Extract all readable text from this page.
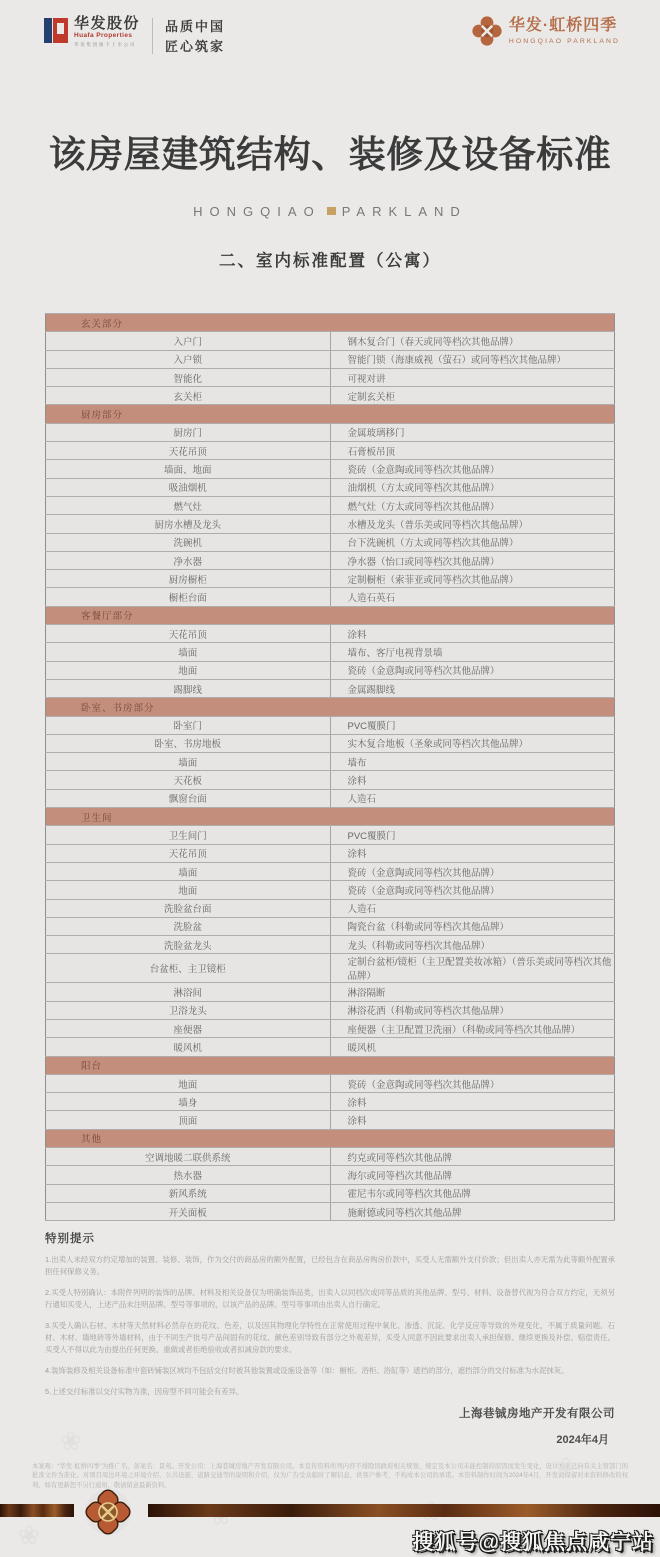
华发股份
Huafa Properties
华发集团旗下上市公司
品质中国
匠心筑家
华发·虹桥四季
HONGQIAO PARKLAND
该房屋建筑结构、装修及设备标准
HONGQIAO PARKLAND
二、室内标准配置（公寓）
玄关部分	
入户门	钢木复合门（春天或同等档次其他品牌）
入户锁	智能门锁（海康威视（萤石）或同等档次其他品牌）
智能化	可视对讲
玄关柜	定制玄关柜
厨房部分	
厨房门	金属玻璃移门
天花吊顶	石膏板吊顶
墙面、地面	瓷砖（金意陶或同等档次其他品牌）
吸油烟机	油烟机（方太或同等档次其他品牌）
燃气灶	燃气灶（方太或同等档次其他品牌）
厨房水槽及龙头	水槽及龙头（普乐美或同等档次其他品牌）
洗碗机	台下洗碗机（方太或同等档次其他品牌）
净水器	净水器（怡口或同等档次其他品牌）
厨房橱柜	定制橱柜（索菲亚或同等档次其他品牌）
橱柜台面	人造石英石
客餐厅部分	
天花吊顶	涂料
墙面	墙布、客厅电视背景墙
地面	瓷砖（金意陶或同等档次其他品牌）
踢脚线	金属踢脚线
卧室、书房部分	
卧室门	PVC覆膜门
卧室、书房地板	实木复合地板（圣象或同等档次其他品牌）
墙面	墙布
天花板	涂料
飘窗台面	人造石
卫生间	
卫生间门	PVC覆膜门
天花吊顶	涂料
墙面	瓷砖（金意陶或同等档次其他品牌）
地面	瓷砖（金意陶或同等档次其他品牌）
洗脸盆台面	人造石
洗脸盆	陶瓷台盆（科勒或同等档次其他品牌）
洗脸盆龙头	龙头（科勒或同等档次其他品牌）
台盆柜、主卫镜柜	定制台盆柜/镜柜（主卫配置美妆冰箱）（普乐美或同等档次其他品牌）
淋浴间	淋浴隔断
卫浴龙头	淋浴花洒（科勒或同等档次其他品牌）
座便器	座便器（主卫配置卫洗丽）（科勒或同等档次其他品牌）
暖风机	暖风机
阳台	
地面	瓷砖（金意陶或同等档次其他品牌）
墙身	涂料
顶面	涂料
其他	
空调地暖二联供系统	约克或同等档次其他品牌
热水器	海尔或同等档次其他品牌
新风系统	霍尼韦尔或同等档次其他品牌
开关面板	施耐德或同等档次其他品牌
特别提示

1.出卖人未经双方约定增加的装置、装修、装饰，作为交付的商品房的额外配置，已经包含在商品房购房价款中，买受人无需额外支付价款；但出卖人亦无需为此等额外配置承担任何保修义务。

2.买受人特别确认：本附件列明的装饰的品牌、材料及相关设备仅为明确装饰品类，出卖人以同档次或同等品质的其他品牌、型号、材料、设备替代视为符合双方约定，无须另行通知买受人，上述产品未注明品牌、型号等事项的，以该产品的品牌、型号等事项由出卖人自行确定。

3.买受人确认石材、木材等天然材料必然存在的花纹、色差，以及因其物理化学特性在正常使用过程中氧化、渗透、沉淀、化学反应等导致的外观变化，不属于质量问题。石材、木材、墙地砖等外墙材料，由于不同生产批号产品间固有的花纹、颜色差别导致有部分之外观差异，买受人同意不因此要求出卖人承担保修、继续更换及补偿、赔偿责任。买受人不得以此为由提出任何更换、重做或者拒绝验收或者扣减房款的要求。

4.装饰装修及相关设备标准中瓷砖铺装区域均不包括交付时被其他装置或设施设备等（如：橱柜、浴柜、浴缸等）遮挡的部分，遮挡部分的交付标准为水泥抹灰。

5.上述交付标准以交付实物为准，因房型不同可能会有差异。

上海巷铖房地产开发有限公司
2024年4月
本案观：“华发·虹桥四季”为推广名，备案名：景苑。开发公司：上海巷铖房地产开发有限公司。本宣传资料所列内容不排除因政府相关规划、规定及本公司未能控制的原因而发生变化，设计方案已向有关主管部门的批准文件为准化。对项目周边环境之环境介绍、公共设施、道路交通等的说明和介绍，仅为广告受众临时了解信息，供客户参考，不构成本公司的承诺。本资料制作时间为2024年4月，开发商保留对本资料修改的权利，如有更新恕不另行通知，敬请留意最新资料。
❀
❀
❀	搜狐号@搜狐焦点咸宁站
